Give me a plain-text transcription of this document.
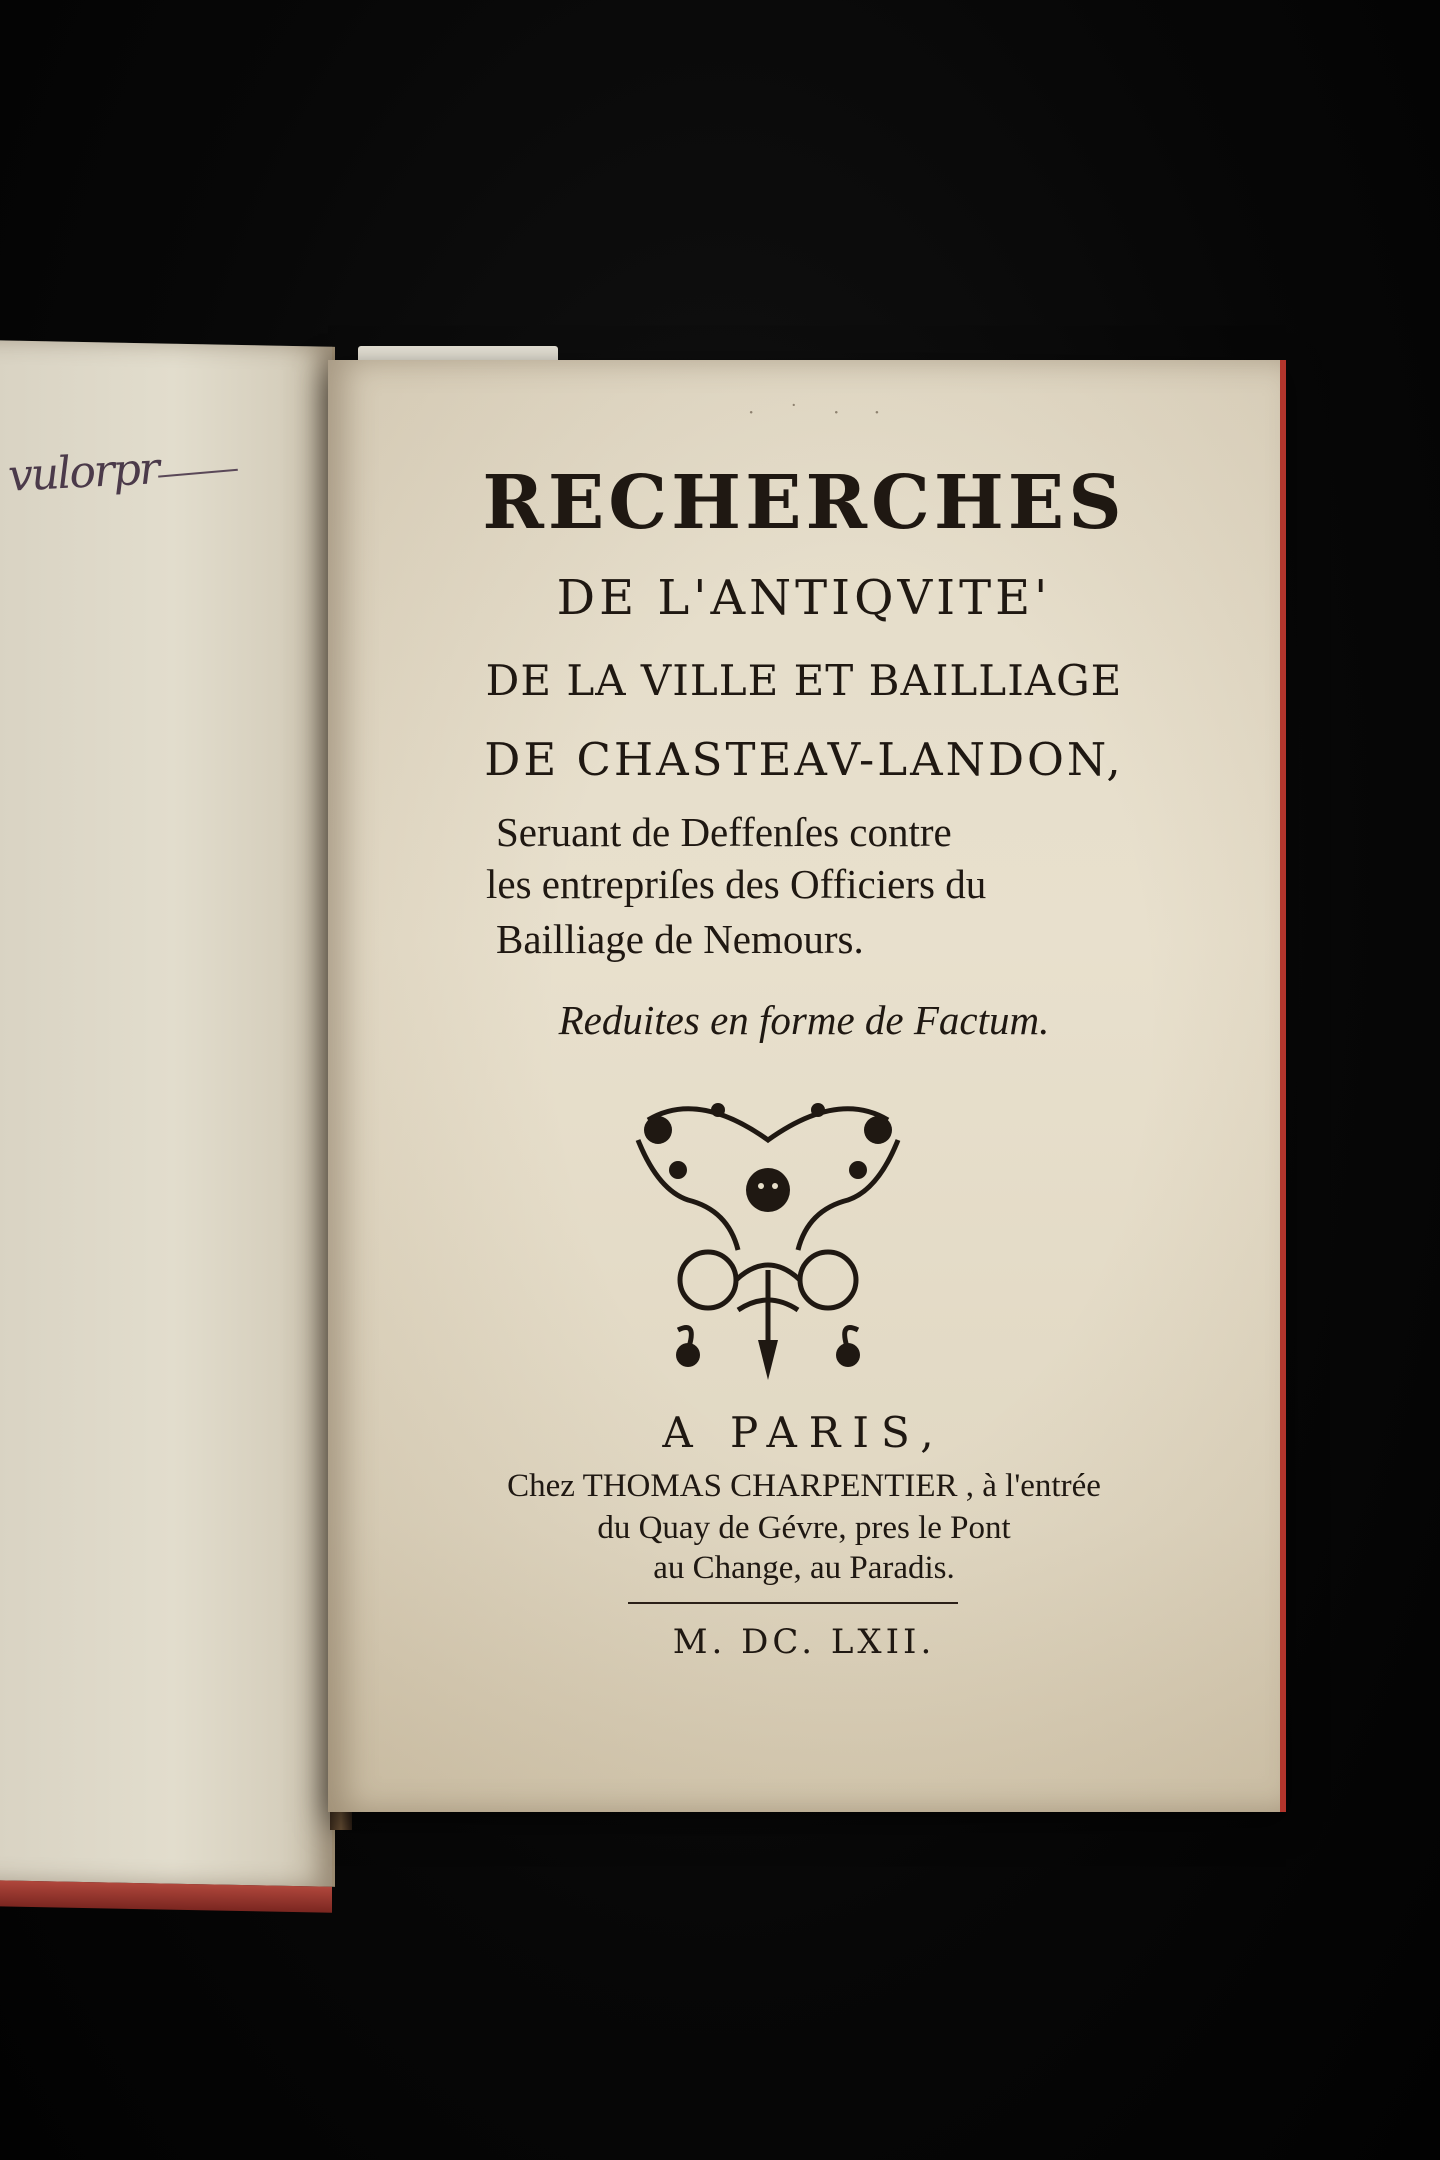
vulorpr
· ˙ · ·
RECHERCHES
DE L'ANTIQVITE'
DE LA VILLE ET BAILLIAGE
DE CHASTEAV-LANDON,
Seruant de Deffenſes contre
les entrepriſes des Officiers du
Bailliage de Nemours.
Reduites en forme de Factum.
A PARIS,
Chez THOMAS CHARPENTIER , à l'entrée
du Quay de Gévre, pres le Pont
au Change, au Paradis.
M. DC. LXII.
